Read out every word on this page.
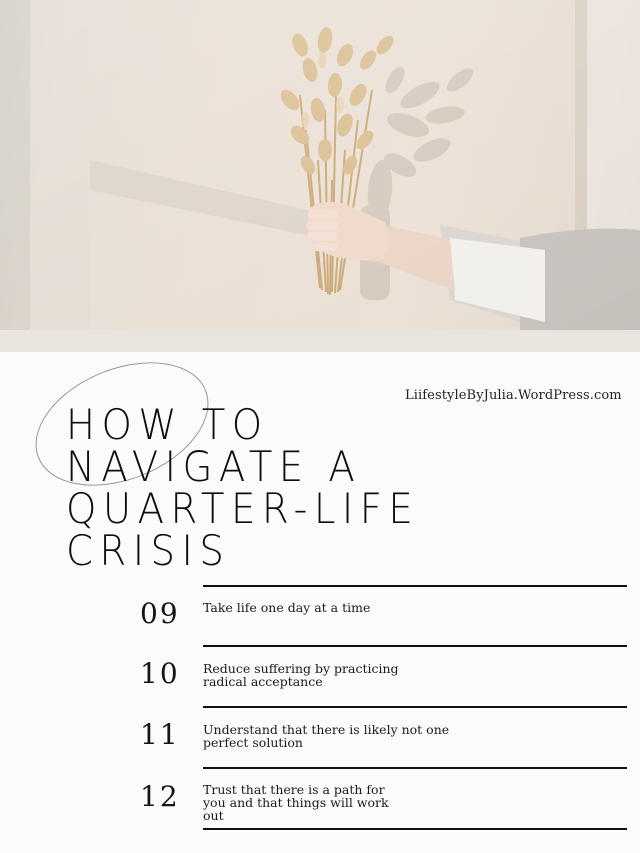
LiifestyleByJulia.WordPress.com
HOW TO
NAVIGATE A
QUARTER-LIFE
CRISIS
09	Take life one day at a time
10	Reduce suffering by practicing radical acceptance
11	Understand that there is likely not one perfect solution
12	Trust that there is a path for you and that things will work out
